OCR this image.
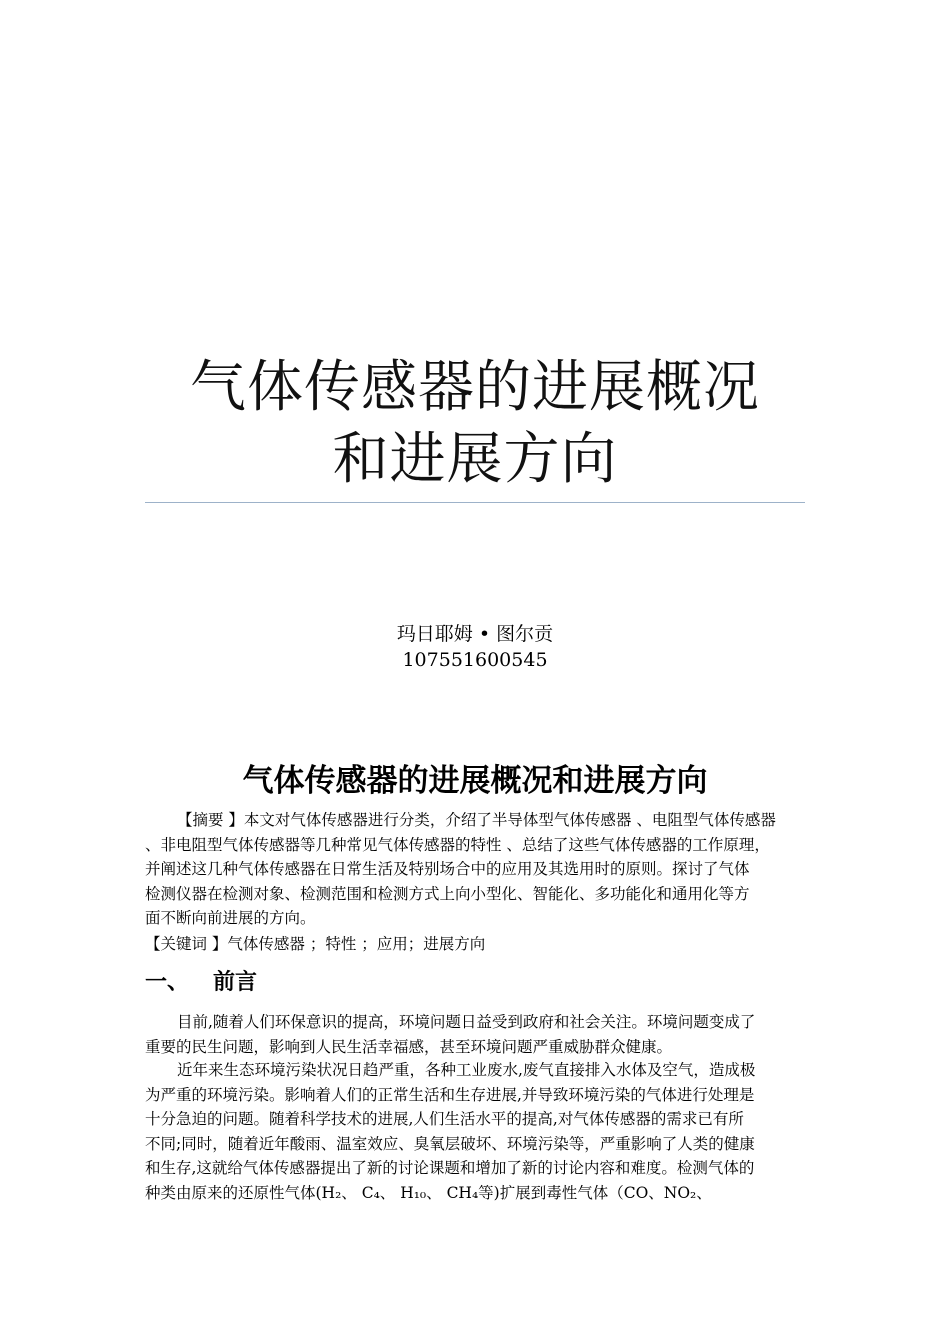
气体传感器的进展概况
和进展方向
玛日耶姆 • 图尔贡
107551600545
气体传感器的进展概况和进展方向
【摘要 】本文对气体传感器进行分类，介绍了半导体型气体传感器 、电阻型气体传感器
、非电阻型气体传感器等几种常见气体传感器的特性 、总结了这些气体传感器的工作原理，
并阐述这几种气体传感器在日常生活及特别场合中的应用及其选用时的原则。探讨了气体
检测仪器在检测对象、检测范围和检测方式上向小型化、智能化、多功能化和通用化等方
面不断向前进展的方向。
【关键词 】气体传感器 ；特性 ；应用；进展方向
一、 前言
目前,随着人们环保意识的提高，环境问题日益受到政府和社会关注。环境问题变成了
重要的民生问题，影响到人民生活幸福感，甚至环境问题严重威胁群众健康。
近年来生态环境污染状况日趋严重，各种工业废水,废气直接排入水体及空气，造成极
为严重的环境污染。影响着人们的正常生活和生存进展,并导致环境污染的气体进行处理是
十分急迫的问题。随着科学技术的进展,人们生活水平的提高,对气体传感器的需求已有所
不同;同时，随着近年酸雨、温室效应、臭氧层破坏、环境污染等，严重影响了人类的健康
和生存,这就给气体传感器提出了新的讨论课题和增加了新的讨论内容和难度。检测气体的
种类由原来的还原性气体(H₂、 C₄、 H₁₀、 CH₄等)扩展到毒性气体（CO、NO₂、
